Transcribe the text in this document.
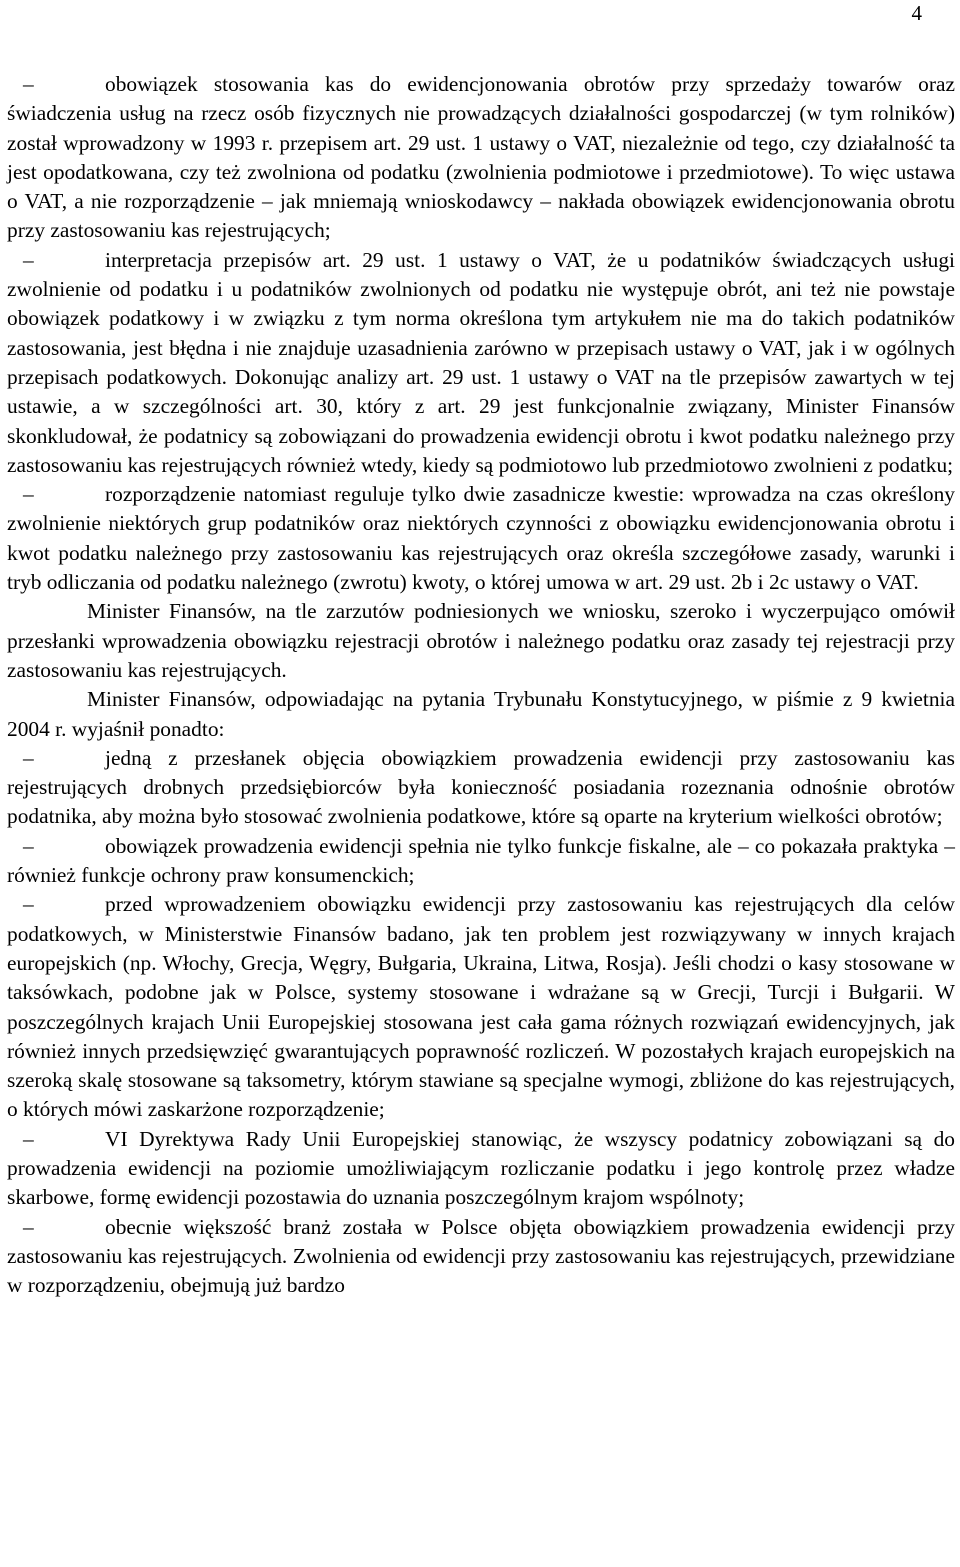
4

–	obowiązek stosowania kas do ewidencjonowania obrotów przy sprzedaży towarów oraz świadczenia usług na rzecz osób fizycznych nie prowadzących działalności gospodarczej (w tym rolników) został wprowadzony w 1993 r. przepisem art. 29 ust. 1 ustawy o VAT, niezależnie od tego, czy działalność ta jest opodatkowana, czy też zwolniona od podatku (zwolnienia podmiotowe i przedmiotowe). To więc ustawa o VAT, a nie rozporządzenie – jak mniemają wnioskodawcy – nakłada obowiązek ewidencjonowania obrotu przy zastosowaniu kas rejestrujących;

–	interpretacja przepisów art. 29 ust. 1 ustawy o VAT, że u podatników świadczących usługi zwolnienie od podatku i u podatników zwolnionych od podatku nie występuje obrót, ani też nie powstaje obowiązek podatkowy i w związku z tym norma określona tym artykułem nie ma do takich podatników zastosowania, jest błędna i nie znajduje uzasadnienia zarówno w przepisach ustawy o VAT, jak i w ogólnych przepisach podatkowych. Dokonując analizy art. 29 ust. 1 ustawy o VAT na tle przepisów zawartych w tej ustawie, a w szczególności art. 30, który z art. 29 jest funkcjonalnie związany, Minister Finansów skonkludował, że podatnicy są zobowiązani do prowadzenia ewidencji obrotu i kwot podatku należnego przy zastosowaniu kas rejestrujących również wtedy, kiedy są podmiotowo lub przedmiotowo zwolnieni z podatku;

–	rozporządzenie natomiast reguluje tylko dwie zasadnicze kwestie: wprowadza na czas określony zwolnienie niektórych grup podatników oraz niektórych czynności z obowiązku ewidencjonowania obrotu i kwot podatku należnego przy zastosowaniu kas rejestrujących oraz określa szczegółowe zasady, warunki i tryb odliczania od podatku należnego (zwrotu) kwoty, o której umowa w art. 29 ust. 2b i 2c ustawy o VAT.

Minister Finansów, na tle zarzutów podniesionych we wniosku, szeroko i wyczerpująco omówił przesłanki wprowadzenia obowiązku rejestracji obrotów i należnego podatku oraz zasady tej rejestracji przy zastosowaniu kas rejestrujących.

Minister Finansów, odpowiadając na pytania Trybunału Konstytucyjnego, w piśmie z 9 kwietnia 2004 r. wyjaśnił ponadto:

–	jedną z przesłanek objęcia obowiązkiem prowadzenia ewidencji przy zastosowaniu kas rejestrujących drobnych przedsiębiorców była konieczność posiadania rozeznania odnośnie obrotów podatnika, aby można było stosować zwolnienia podatkowe, które są oparte na kryterium wielkości obrotów;

–	obowiązek prowadzenia ewidencji spełnia nie tylko funkcje fiskalne, ale – co pokazała praktyka – również funkcje ochrony praw konsumenckich;

–	przed wprowadzeniem obowiązku ewidencji przy zastosowaniu kas rejestrujących dla celów podatkowych, w Ministerstwie Finansów badano, jak ten problem jest rozwiązywany w innych krajach europejskich (np. Włochy, Grecja, Węgry, Bułgaria, Ukraina, Litwa, Rosja). Jeśli chodzi o kasy stosowane w taksówkach, podobne jak w Polsce, systemy stosowane i wdrażane są w Grecji, Turcji i Bułgarii. W poszczególnych krajach Unii Europejskiej stosowana jest cała gama różnych rozwiązań ewidencyjnych, jak również innych przedsięwzięć gwarantujących poprawność rozliczeń. W pozostałych krajach europejskich na szeroką skalę stosowane są taksometry, którym stawiane są specjalne wymogi, zbliżone do kas rejestrujących, o których mówi zaskarżone rozporządzenie;

–	VI Dyrektywa Rady Unii Europejskiej stanowiąc, że wszyscy podatnicy zobowiązani są do prowadzenia ewidencji na poziomie umożliwiającym rozliczanie podatku i jego kontrolę przez władze skarbowe, formę ewidencji pozostawia do uznania poszczególnym krajom wspólnoty;

–	obecnie większość branż została w Polsce objęta obowiązkiem prowadzenia ewidencji przy zastosowaniu kas rejestrujących. Zwolnienia od ewidencji przy zastosowaniu kas rejestrujących, przewidziane w rozporządzeniu, obejmują już bardzo
